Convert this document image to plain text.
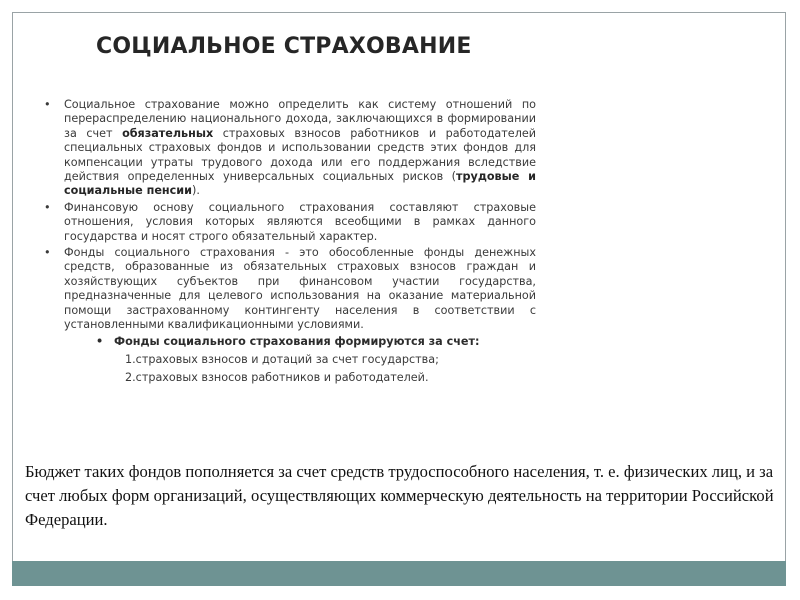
СОЦИАЛЬНОЕ СТРАХОВАНИЕ

• Социальное страхование можно определить как систему отношений по перераспределению национального дохода, заключающихся в формировании за счет обязательных страховых взносов работников и работодателей специальных страховых фондов и использовании средств этих фондов для компенсации утраты трудового дохода или его поддержания вследствие действия определенных универсальных социальных рисков (трудовые и социальные пенсии).

• Финансовую основу социального страхования составляют страховые отношения, условия которых являются всеобщими в рамках данного государства и носят строго обязательный характер.

• Фонды социального страхования - это обособленные фонды денежных средств, образованные из обязательных страховых взносов граждан и хозяйствующих субъектов при финансовом участии государства, предназначенные для целевого использования на оказание материальной помощи застрахованному контингенту населения в соответствии с установленными квалификационными условиями.

• Фонды социального страхования формируются за счет:
1.страховых взносов и дотаций за счет государства;
2.страховых взносов работников и работодателей.
Бюджет таких фондов пополняется за счет средств трудоспособного населения, т. е. физических лиц, и за счет любых форм организаций, осуществляющих коммерческую деятельность на территории Российской Федерации.
